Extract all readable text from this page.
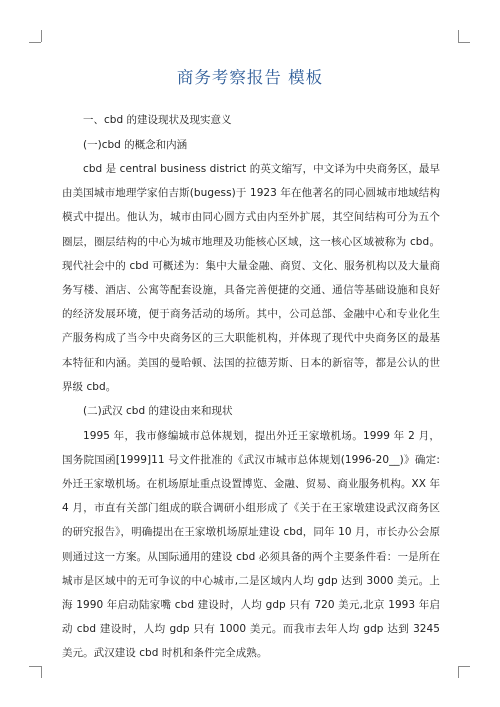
商务考察报告 模板

一、cbd 的建设现状及现实意义

(一)cbd 的概念和内涵

cbd 是 central business district 的英文缩写，中文译为中央商务区，最早由美国城市地理学家伯吉斯(bugess)于 1923 年在他著名的同心圆城市地域结构模式中提出。他认为，城市由同心圆方式由内至外扩展，其空间结构可分为五个圈层，圈层结构的中心为城市地理及功能核心区域，这一核心区域被称为 cbd。现代社会中的 cbd 可概述为：集中大量金融、商贸、文化、服务机构以及大量商务写楼、酒店、公寓等配套设施，具备完善便捷的交通、通信等基础设施和良好的经济发展环境，便于商务活动的场所。其中，公司总部、金融中心和专业化生产服务构成了当今中央商务区的三大职能机构，并体现了现代中央商务区的最基本特征和内涵。美国的曼哈顿、法国的拉德芳斯、日本的新宿等，都是公认的世界级 cbd。

(二)武汉 cbd 的建设由来和现状

1995 年，我市修编城市总体规划，提出外迁王家墩机场。1999 年 2 月，国务院国函[1999]11 号文件批准的《武汉市城市总体规划(1996-20__)》确定:外迁王家墩机场。在机场原址重点设置博览、金融、贸易、商业服务机构。XX 年 4 月，市直有关部门组成的联合调研小组形成了《关于在王家墩建设武汉商务区的研究报告》，明确提出在王家墩机场原址建设 cbd，同年 10 月，市长办公会原则通过这一方案。从国际通用的建设 cbd 必须具备的两个主要条件看：一是所在城市是区域中的无可争议的中心城市,二是区域内人均 gdp 达到 3000 美元。上海 1990 年启动陆家嘴 cbd 建设时，人均 gdp 只有 720 美元,北京 1993 年启动 cbd 建设时，人均 gdp 只有 1000 美元。而我市去年人均 gdp 达到 3245 美元。武汉建设 cbd 时机和条件完全成熟。
